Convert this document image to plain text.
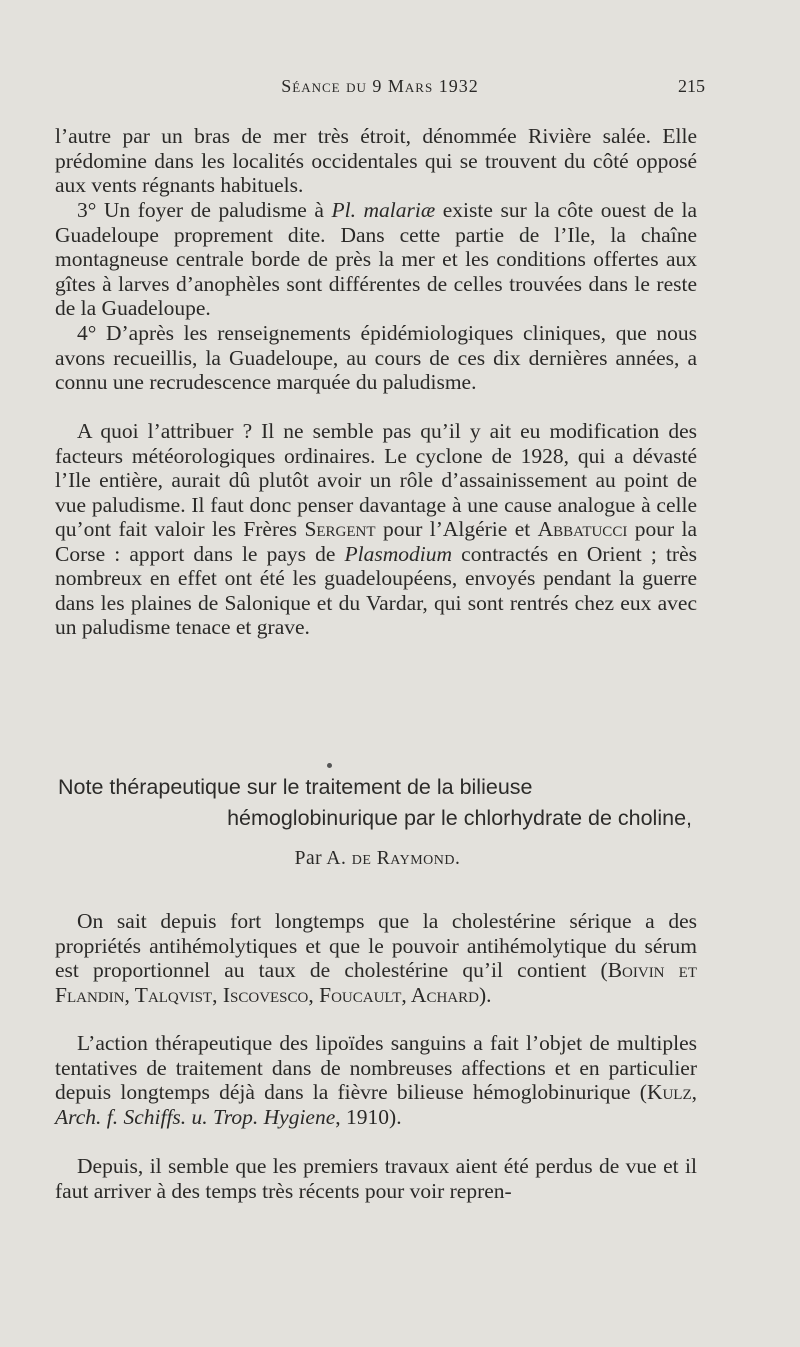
Séance du 9 Mars 1932	215

l’autre par un bras de mer très étroit, dénommée Rivière salée. Elle prédomine dans les localités occidentales qui se trouvent du côté opposé aux vents régnants habituels.

3° Un foyer de paludisme à Pl. malariæ existe sur la côte ouest de la Guadeloupe proprement dite. Dans cette partie de l’Ile, la chaîne montagneuse centrale borde de près la mer et les conditions offertes aux gîtes à larves d’anophèles sont différentes de celles trouvées dans le reste de la Guadeloupe.

4° D’après les renseignements épidémiologiques cliniques, que nous avons recueillis, la Guadeloupe, au cours de ces dix dernières années, a connu une recrudescence marquée du paludisme.

A quoi l’attribuer ? Il ne semble pas qu’il y ait eu modification des facteurs météorologiques ordinaires. Le cyclone de 1928, qui a dévasté l’Ile entière, aurait dû plutôt avoir un rôle d’assainissement au point de vue paludisme. Il faut donc penser davantage à une cause analogue à celle qu’ont fait valoir les Frères Sergent pour l’Algérie et Abbatucci pour la Corse : apport dans le pays de Plasmodium contractés en Orient ; très nombreux en effet ont été les guadeloupéens, envoyés pendant la guerre dans les plaines de Salonique et du Vardar, qui sont rentrés chez eux avec un paludisme tenace et grave.

Note thérapeutique sur le traitement de la bilieuse
hémoglobinurique par le chlorhydrate de choline,
Par A. de Raymond.

On sait depuis fort longtemps que la cholestérine sérique a des propriétés antihémolytiques et que le pouvoir antihémolytique du sérum est proportionnel au taux de cholestérine qu’il contient (Boivin et Flandin, Talqvist, Iscovesco, Foucault, Achard).

L’action thérapeutique des lipoïdes sanguins a fait l’objet de multiples tentatives de traitement dans de nombreuses affections et en particulier depuis longtemps déjà dans la fièvre bilieuse hémoglobinurique (Kulz, Arch. f. Schiffs. u. Trop. Hygiene, 1910).

Depuis, il semble que les premiers travaux aient été perdus de vue et il faut arriver à des temps très récents pour voir repren-
